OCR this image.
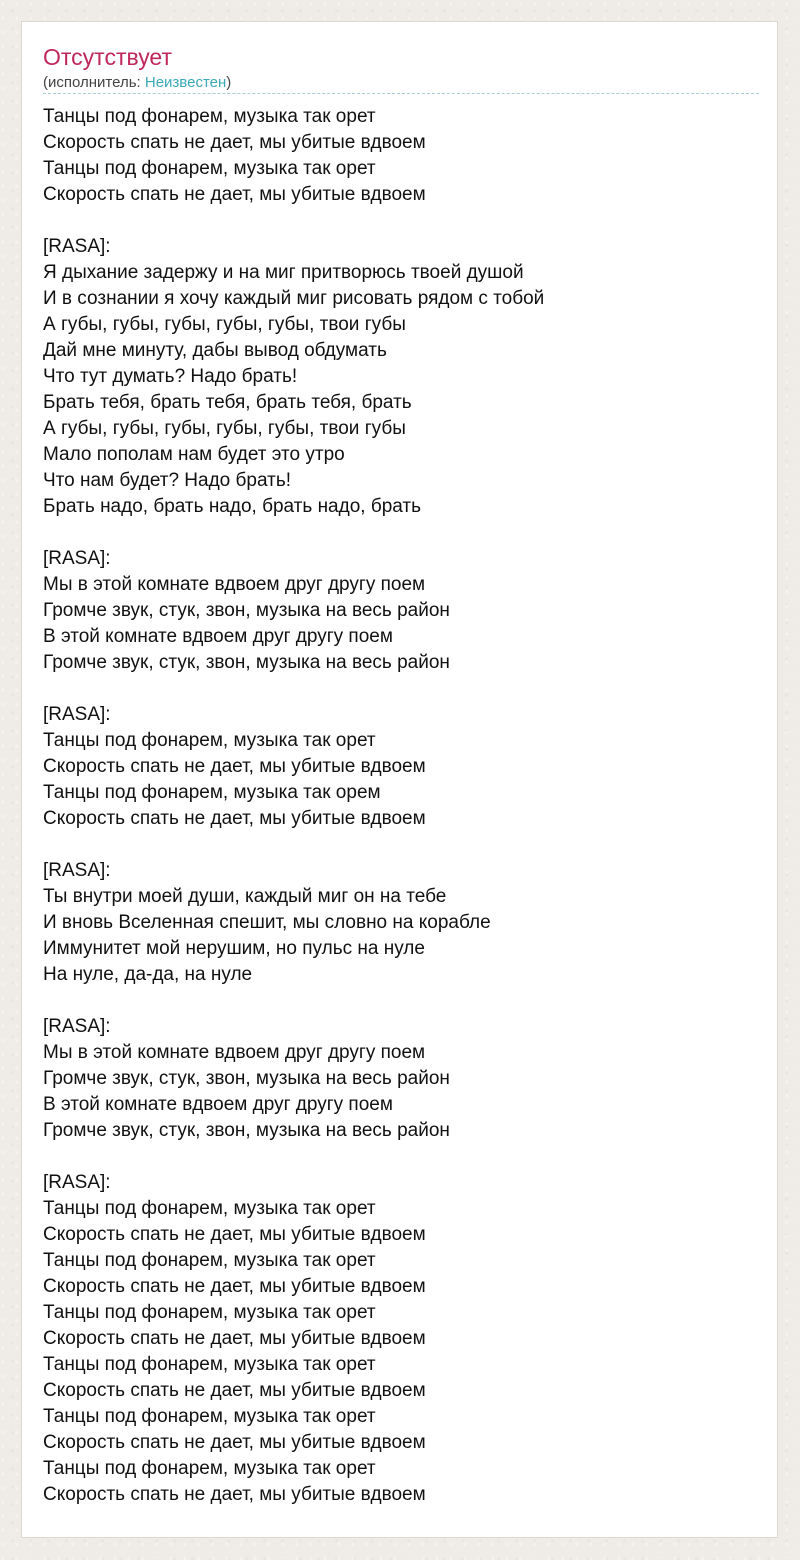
Отсутствует
(исполнитель: Неизвестен)
Танцы под фонарем, музыка так орет
Скорость спать не дает, мы убитые вдвоем
Танцы под фонарем, музыка так орет
Скорость спать не дает, мы убитые вдвоем
[RASA]:
Я дыхание задержу и на миг притворюсь твоей душой
И в сознании я хочу каждый миг рисовать рядом с тобой
А губы, губы, губы, губы, губы, твои губы
Дай мне минуту, дабы вывод обдумать
Что тут думать? Надо брать!
Брать тебя, брать тебя, брать тебя, брать
А губы, губы, губы, губы, губы, твои губы
Мало пополам нам будет это утро
Что нам будет? Надо брать!
Брать надо, брать надо, брать надо, брать
[RASA]:
Мы в этой комнате вдвоем друг другу поем
Громче звук, стук, звон, музыка на весь район
В этой комнате вдвоем друг другу поем
Громче звук, стук, звон, музыка на весь район
[RASA]:
Танцы под фонарем, музыка так орет
Скорость спать не дает, мы убитые вдвоем
Танцы под фонарем, музыка так орем
Скорость спать не дает, мы убитые вдвоем
[RASA]:
Ты внутри моей души, каждый миг он на тебе
И вновь Вселенная спешит, мы словно на корабле
Иммунитет мой нерушим, но пульс на нуле
На нуле, да-да, на нуле
[RASA]:
Мы в этой комнате вдвоем друг другу поем
Громче звук, стук, звон, музыка на весь район
В этой комнате вдвоем друг другу поем
Громче звук, стук, звон, музыка на весь район
[RASA]:
Танцы под фонарем, музыка так орет
Скорость спать не дает, мы убитые вдвоем
Танцы под фонарем, музыка так орет
Скорость спать не дает, мы убитые вдвоем
Танцы под фонарем, музыка так орет
Скорость спать не дает, мы убитые вдвоем
Танцы под фонарем, музыка так орет
Скорость спать не дает, мы убитые вдвоем
Танцы под фонарем, музыка так орет
Скорость спать не дает, мы убитые вдвоем
Танцы под фонарем, музыка так орет
Скорость спать не дает, мы убитые вдвоем
